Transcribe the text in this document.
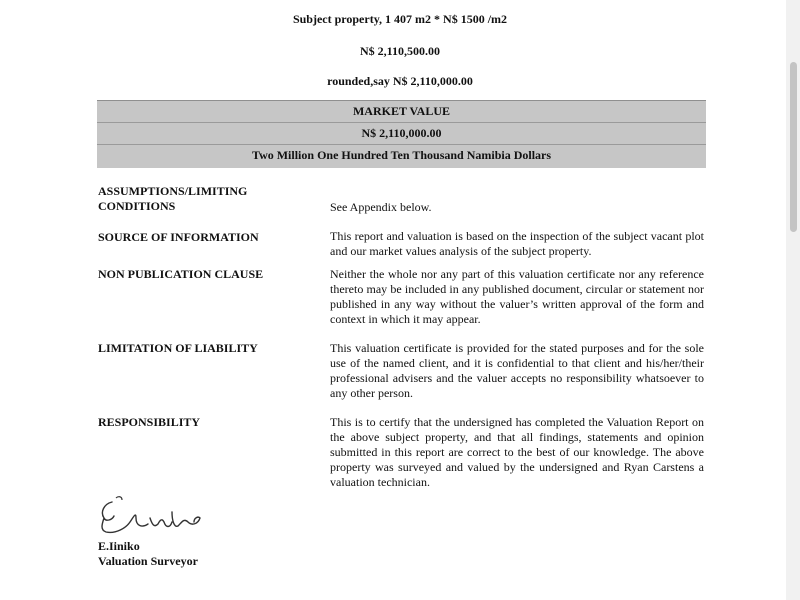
Subject property, 1 407 m2 * N$ 1500 /m2
N$ 2,110,500.00
rounded,say N$ 2,110,000.00
MARKET VALUE
N$ 2,110,000.00
Two Million One Hundred Ten Thousand Namibia Dollars
ASSUMPTIONS/LIMITING CONDITIONS	See Appendix below.
SOURCE OF INFORMATION	This report and valuation is based on the inspection of the subject vacant plot and our market values analysis of the subject property.
NON PUBLICATION CLAUSE	Neither the whole nor any part of this valuation certificate nor any reference thereto may be included in any published document, circular or statement nor published in any way without the valuer’s written approval of the form and context in which it may appear.
LIMITATION OF LIABILITY	This valuation certificate is provided for the stated purposes and for the sole use of the named client, and it is confidential to that client and his/her/their professional advisers and the valuer accepts no responsibility whatsoever to any other person.
RESPONSIBILITY	This is to certify that the undersigned has completed the Valuation Report on the above subject property, and that all findings, statements and opinion submitted in this report are correct to the best of our knowledge. The above property was surveyed and valued by the undersigned and Ryan Carstens a valuation technician.
E.Iiniko
Valuation Surveyor
